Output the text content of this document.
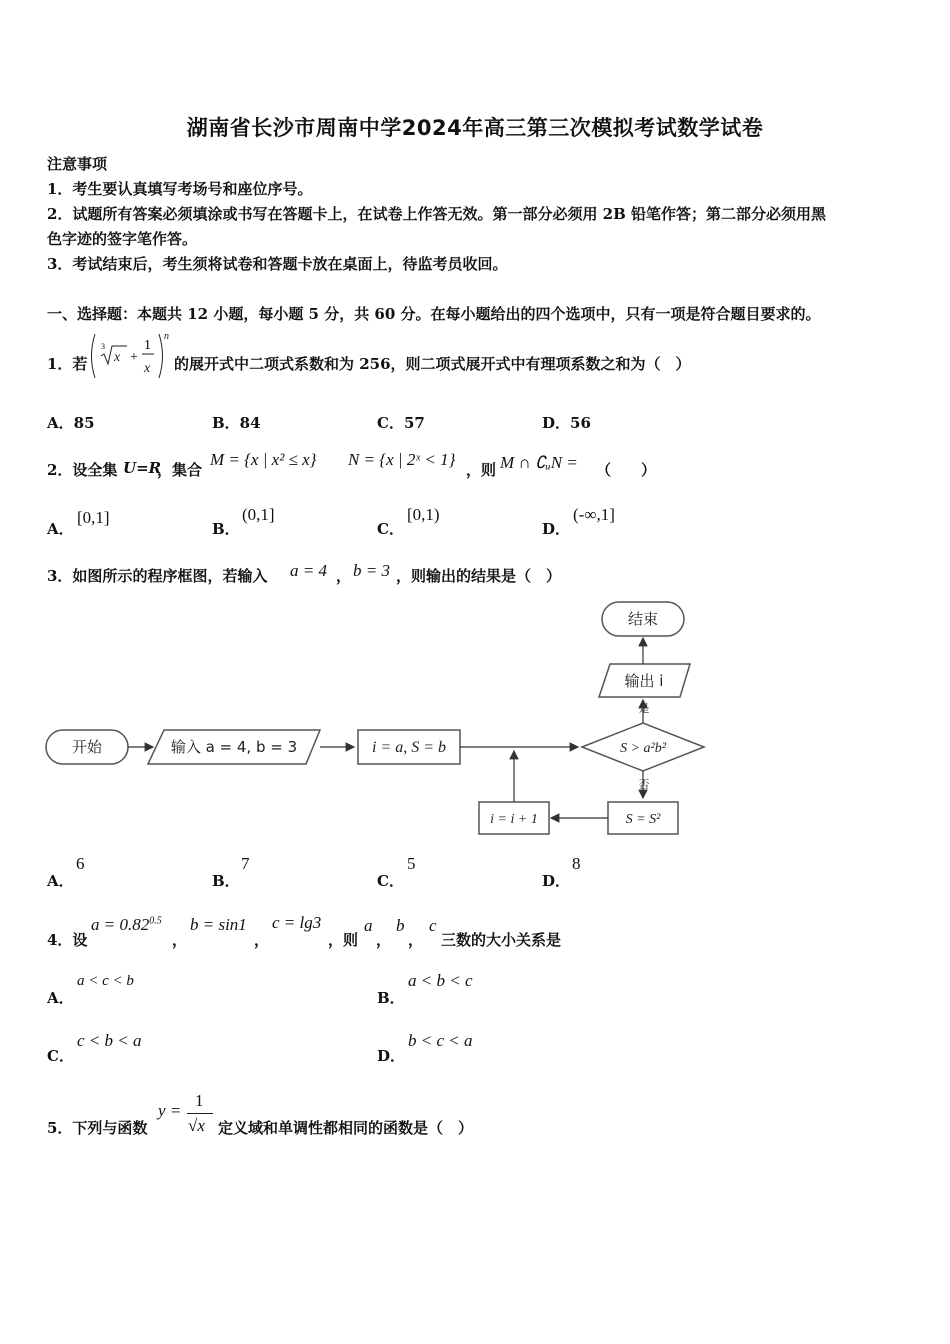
湖南省长沙市周南中学2024年高三第三次模拟考试数学试卷
注意事项
1．考生要认真填写考场号和座位序号。
2．试题所有答案必须填涂或书写在答题卡上，在试卷上作答无效。第一部分必须用 2B 铅笔作答；第二部分必须用黑
色字迹的签字笔作答。
3．考试结束后，考生须将试卷和答题卡放在桌面上，待监考员收回。
一、选择题：本题共 12 小题，每小题 5 分，共 60 分。在每小题给出的四个选项中，只有一项是符合题目要求的。
1．若
3
x +
1
x
n
的展开式中二项式系数和为 256，则二项式展开式中有理项系数之和为（　）
A．85	B．84	C．57	D．56
2．设全集 U=R
，集合
M = {x | x² ≤ x} N = {x | 2ˣ < 1}
，则 M ∩ ∁ᵤN = （　　）
A．
[0,1]
B．
(0,1]
C．
[0,1)
D．
(-∞,1]
3．如图所示的程序框图，若输入 a = 4 ， b = 3 ，则输出的结果是（　）
开始	输入 a = 4, b = 3	i = a, S = b	S > a²b²
是
输出 i
结束
否
S = S²
i = i + 1
A．
6
B．
7
C．
5
D．
8
4．设
$a = 0.82^{0.5}$
，
b = sin1
，
c = lg3
，则
a
，
b
，
c
三数的大小关系是
A．
a < c < b
B．
a < b < c
C．
c < b < a
D．
b < c < a
5．下列与函数
y =
1
√x 定义域和单调性都相同的函数是（　）
